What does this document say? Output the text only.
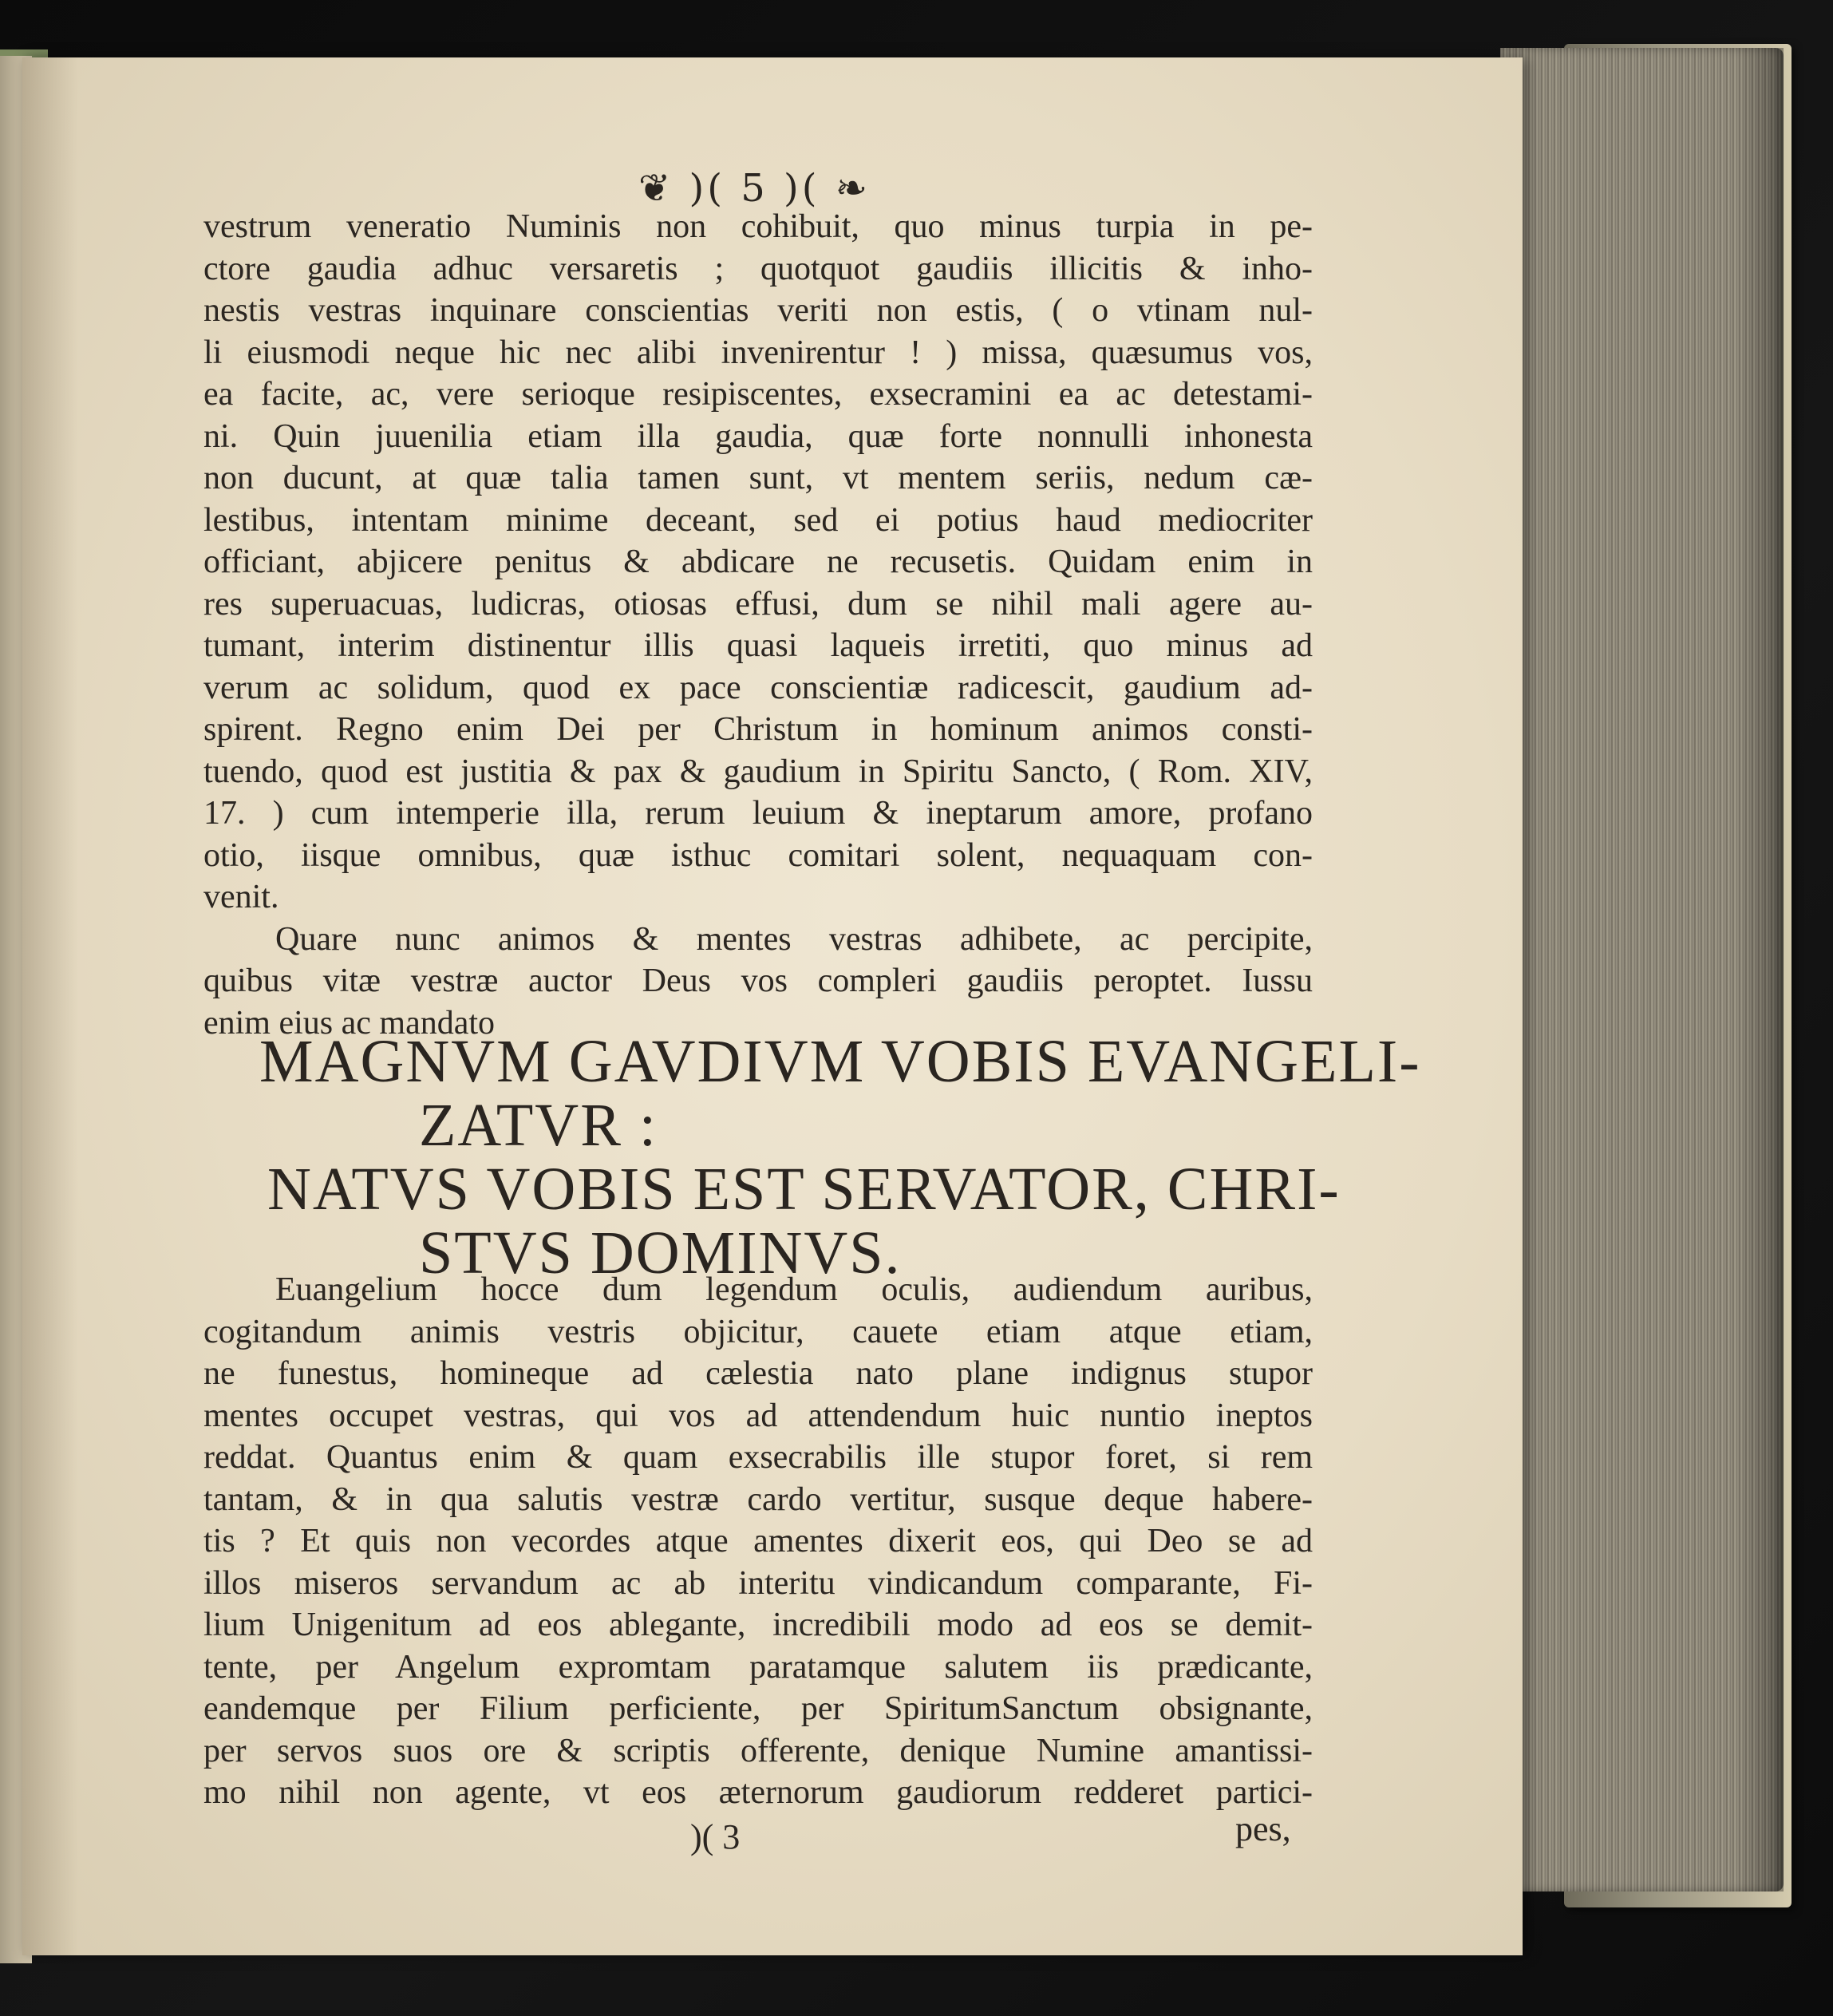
❦ )( 5 )( ❧
vestrum veneratio Numinis non cohibuit, quo minus turpia in pe-
ctore gaudia adhuc versaretis ; quotquot gaudiis illicitis & inho-
nestis vestras inquinare conscientias veriti non estis, ( o vtinam nul-
li eiusmodi neque hic nec alibi invenirentur ! ) missa, quæsumus vos,
ea facite, ac, vere serioque resipiscentes, exsecramini ea ac detestami-
ni. Quin juuenilia etiam illa gaudia, quæ forte nonnulli inhonesta
non ducunt, at quæ talia tamen sunt, vt mentem seriis, nedum cæ-
lestibus, intentam minime deceant, sed ei potius haud mediocriter
officiant, abjicere penitus & abdicare ne recusetis. Quidam enim in
res superuacuas, ludicras, otiosas effusi, dum se nihil mali agere au-
tumant, interim distinentur illis quasi laqueis irretiti, quo minus ad
verum ac solidum, quod ex pace conscientiæ radicescit, gaudium ad-
spirent. Regno enim Dei per Christum in hominum animos consti-
tuendo, quod est justitia & pax & gaudium in Spiritu Sancto, ( Rom. XIV,
17. ) cum intemperie illa, rerum leuium & ineptarum amore, profano
otio, iisque omnibus, quæ isthuc comitari solent, nequaquam con-
venit.
Quare nunc animos & mentes vestras adhibete, ac percipite,
quibus vitæ vestræ auctor Deus vos compleri gaudiis peroptet. Iussu
enim eius ac mandato
MAGNVM GAVDIVM VOBIS EVANGELI-
ZATVR :
NATVS VOBIS EST SERVATOR, CHRI-
STVS DOMINVS.
Euangelium hocce dum legendum oculis, audiendum auribus,
cogitandum animis vestris objicitur, cauete etiam atque etiam,
ne funestus, homineque ad cælestia nato plane indignus stupor
mentes occupet vestras, qui vos ad attendendum huic nuntio ineptos
reddat. Quantus enim & quam exsecrabilis ille stupor foret, si rem
tantam, & in qua salutis vestræ cardo vertitur, susque deque habere-
tis ? Et quis non vecordes atque amentes dixerit eos, qui Deo se ad
illos miseros servandum ac ab interitu vindicandum comparante, Fi-
lium Unigenitum ad eos ablegante, incredibili modo ad eos se demit-
tente, per Angelum expromtam paratamque salutem iis prædicante,
eandemque per Filium perficiente, per SpiritumSanctum obsignante,
per servos suos ore & scriptis offerente, denique Numine amantissi-
mo nihil non agente, vt eos æternorum gaudiorum redderet partici-
)( 3	pes,
